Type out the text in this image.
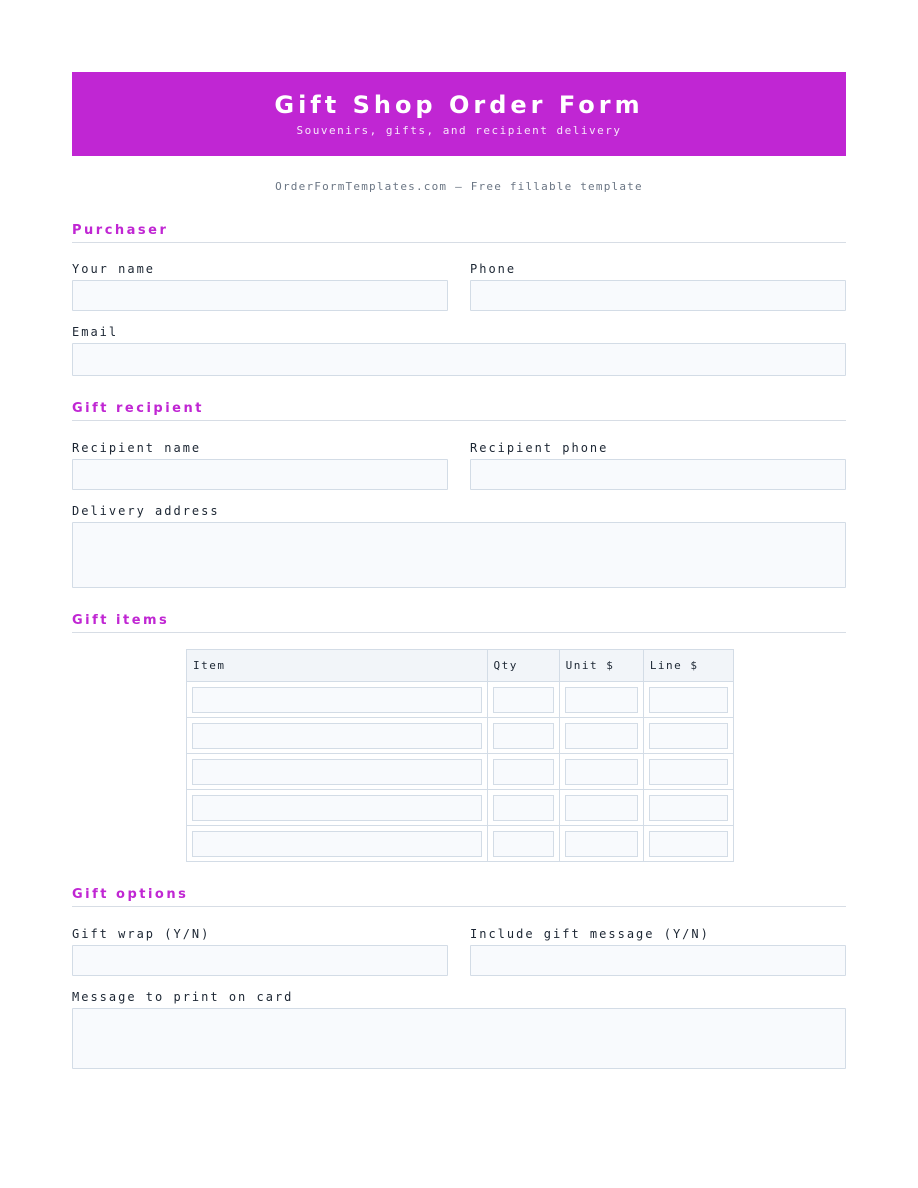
Gift Shop Order Form
Souvenirs, gifts, and recipient delivery
OrderFormTemplates.com — Free fillable template
Purchaser
Your name	Phone
Email
Gift recipient
Recipient name	Recipient phone
Delivery address
Gift items
Item	Qty	Unit $	Line $

Gift options
Gift wrap (Y/N)	Include gift message (Y/N)
Message to print on card
